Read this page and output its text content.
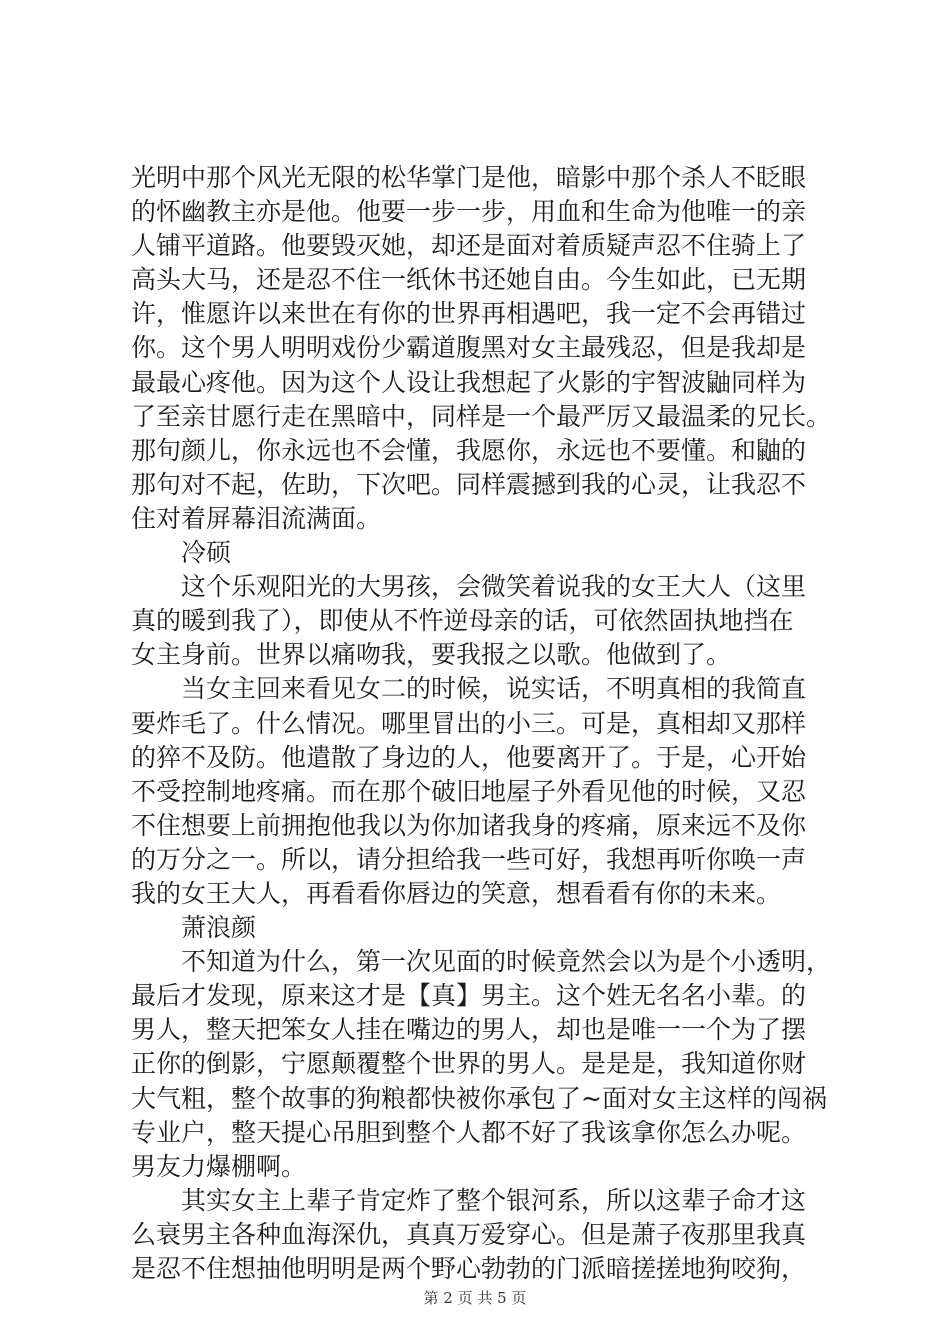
光明中那个风光无限的松华掌门是他，暗影中那个杀人不眨眼
的怀幽教主亦是他。他要一步一步，用血和生命为他唯一的亲
人铺平道路。他要毁灭她，却还是面对着质疑声忍不住骑上了
高头大马，还是忍不住一纸休书还她自由。今生如此，已无期
许，惟愿许以来世在有你的世界再相遇吧，我一定不会再错过
你。这个男人明明戏份少霸道腹黑对女主最残忍，但是我却是
最最心疼他。因为这个人设让我想起了火影的宇智波鼬同样为
了至亲甘愿行走在黑暗中，同样是一个最严厉又最温柔的兄长。
那句颜儿，你永远也不会懂，我愿你，永远也不要懂。和鼬的
那句对不起，佐助，下次吧。同样震撼到我的心灵，让我忍不
住对着屏幕泪流满面。
冷硕
这个乐观阳光的大男孩，会微笑着说我的女王大人（这里
真的暖到我了），即使从不忤逆母亲的话，可依然固执地挡在
女主身前。世界以痛吻我，要我报之以歌。他做到了。
当女主回来看见女二的时候，说实话，不明真相的我简直
要炸毛了。什么情况。哪里冒出的小三。可是，真相却又那样
的猝不及防。他遣散了身边的人，他要离开了。于是，心开始
不受控制地疼痛。而在那个破旧地屋子外看见他的时候，又忍
不住想要上前拥抱他我以为你加诸我身的疼痛，原来远不及你
的万分之一。所以，请分担给我一些可好，我想再听你唤一声
我的女王大人，再看看你唇边的笑意，想看看有你的未来。
萧浪颜
不知道为什么，第一次见面的时候竟然会以为是个小透明，
最后才发现，原来这才是【真】男主。这个姓无名名小辈。的
男人，整天把笨女人挂在嘴边的男人，却也是唯一一个为了摆
正你的倒影，宁愿颠覆整个世界的男人。是是是，我知道你财
大气粗，整个故事的狗粮都快被你承包了~面对女主这样的闯祸
专业户，整天提心吊胆到整个人都不好了我该拿你怎么办呢。
男友力爆棚啊。
其实女主上辈子肯定炸了整个银河系，所以这辈子命才这
么衰男主各种血海深仇，真真万爱穿心。但是萧子夜那里我真
是忍不住想抽他明明是两个野心勃勃的门派暗搓搓地狗咬狗，
第 2 页 共 5 页
